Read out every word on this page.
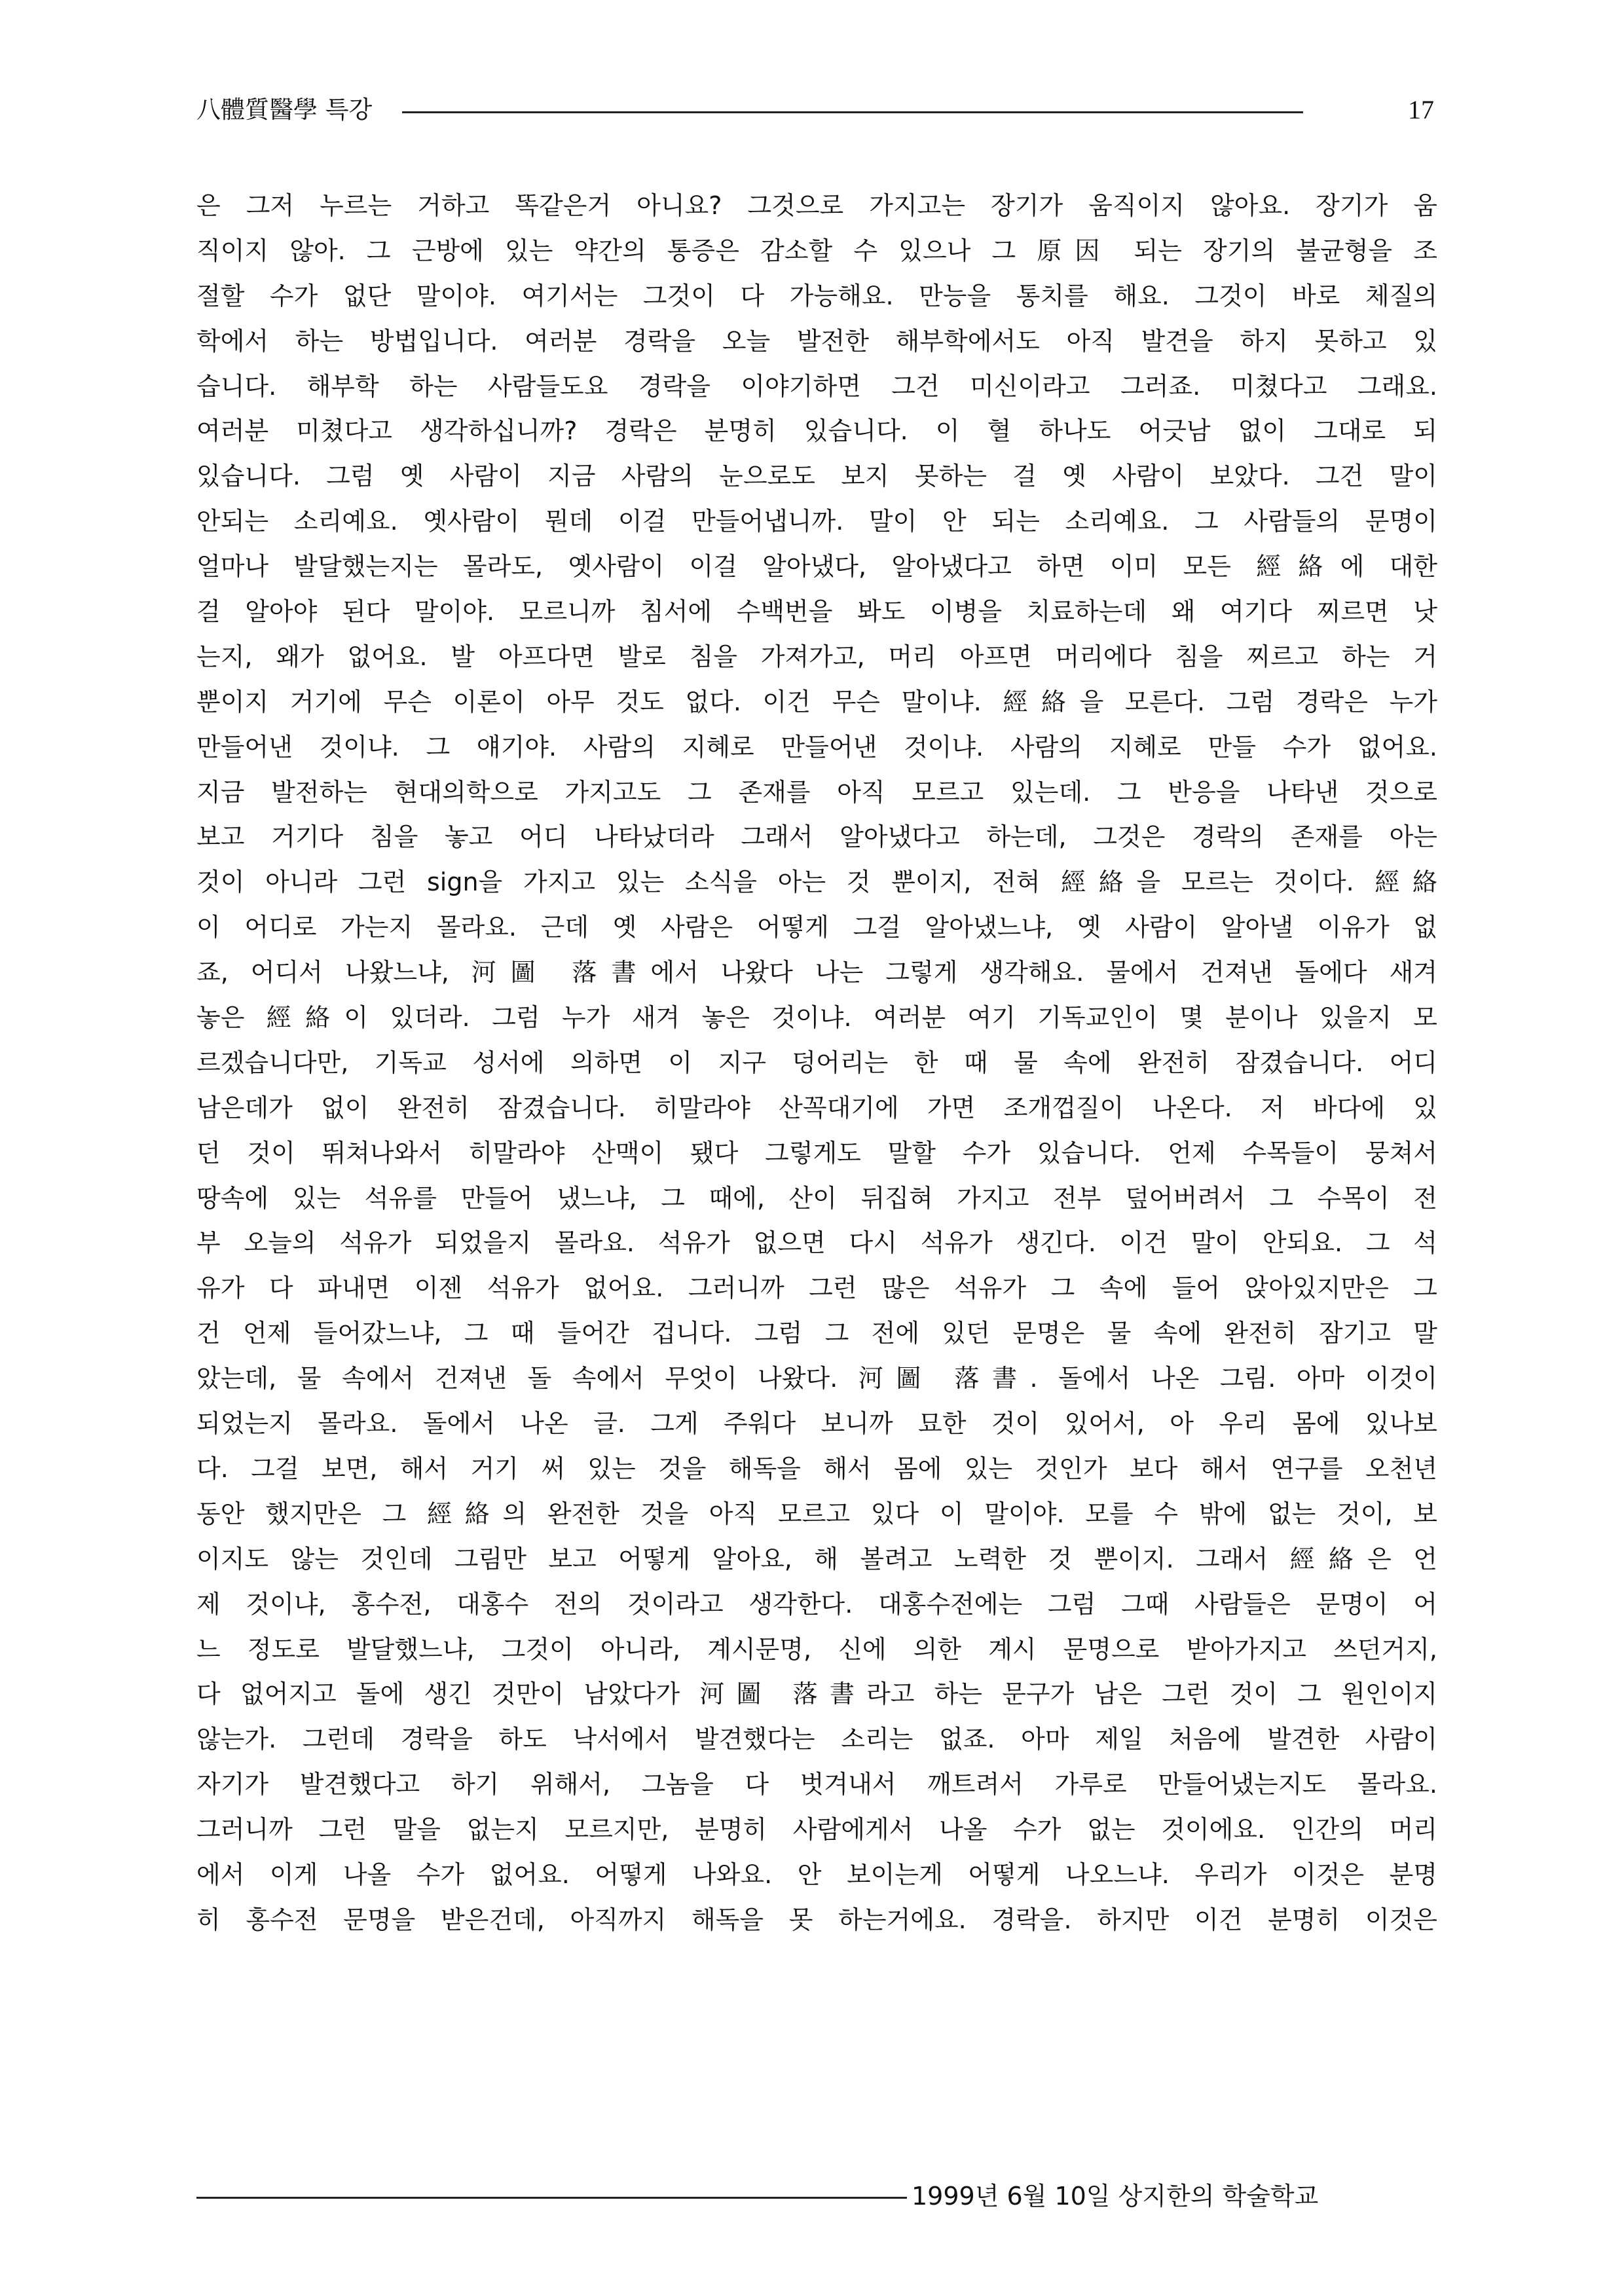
八體質醫學 특강	17
은 그저 누르는 거하고 똑같은거 아니요? 그것으로 가지고는 장기가 움직이지 않아요. 장기가 움
직이지 않아. 그 근방에 있는 약간의 통증은 감소할 수 있으나 그 原因 되는 장기의 불균형을 조
절할 수가 없단 말이야. 여기서는 그것이 다 가능해요. 만능을 통치를 해요. 그것이 바로 체질의
학에서 하는 방법입니다. 여러분 경락을 오늘 발전한 해부학에서도 아직 발견을 하지 못하고 있
습니다. 해부학 하는 사람들도요 경락을 이야기하면 그건 미신이라고 그러죠. 미쳤다고 그래요.
여러분 미쳤다고 생각하십니까? 경락은 분명히 있습니다. 이 혈 하나도 어긋남 없이 그대로 되
있습니다. 그럼 옛 사람이 지금 사람의 눈으로도 보지 못하는 걸 옛 사람이 보았다. 그건 말이
안되는 소리예요. 옛사람이 뭔데 이걸 만들어냅니까. 말이 안 되는 소리예요. 그 사람들의 문명이
얼마나 발달했는지는 몰라도, 옛사람이 이걸 알아냈다, 알아냈다고 하면 이미 모든 經絡에 대한
걸 알아야 된다 말이야. 모르니까 침서에 수백번을 봐도 이병을 치료하는데 왜 여기다 찌르면 낫
는지, 왜가 없어요. 발 아프다면 발로 침을 가져가고, 머리 아프면 머리에다 침을 찌르고 하는 거
뿐이지 거기에 무슨 이론이 아무 것도 없다. 이건 무슨 말이냐. 經絡을 모른다. 그럼 경락은 누가
만들어낸 것이냐. 그 얘기야. 사람의 지혜로 만들어낸 것이냐. 사람의 지혜로 만들 수가 없어요.
지금 발전하는 현대의학으로 가지고도 그 존재를 아직 모르고 있는데. 그 반응을 나타낸 것으로
보고 거기다 침을 놓고 어디 나타났더라 그래서 알아냈다고 하는데, 그것은 경락의 존재를 아는
것이 아니라 그런 sign을 가지고 있는 소식을 아는 것 뿐이지, 전혀 經絡을 모르는 것이다. 經絡
이 어디로 가는지 몰라요. 근데 옛 사람은 어떻게 그걸 알아냈느냐, 옛 사람이 알아낼 이유가 없
죠, 어디서 나왔느냐, 河圖 落書에서 나왔다 나는 그렇게 생각해요. 물에서 건져낸 돌에다 새겨
놓은 經絡이 있더라. 그럼 누가 새겨 놓은 것이냐. 여러분 여기 기독교인이 몇 분이나 있을지 모
르겠습니다만, 기독교 성서에 의하면 이 지구 덩어리는 한 때 물 속에 완전히 잠겼습니다. 어디
남은데가 없이 완전히 잠겼습니다. 히말라야 산꼭대기에 가면 조개껍질이 나온다. 저 바다에 있
던 것이 뛰쳐나와서 히말라야 산맥이 됐다 그렇게도 말할 수가 있습니다. 언제 수목들이 뭉쳐서
땅속에 있는 석유를 만들어 냈느냐, 그 때에, 산이 뒤집혀 가지고 전부 덮어버려서 그 수목이 전
부 오늘의 석유가 되었을지 몰라요. 석유가 없으면 다시 석유가 생긴다. 이건 말이 안되요. 그 석
유가 다 파내면 이젠 석유가 없어요. 그러니까 그런 많은 석유가 그 속에 들어 앉아있지만은 그
건 언제 들어갔느냐, 그 때 들어간 겁니다. 그럼 그 전에 있던 문명은 물 속에 완전히 잠기고 말
았는데, 물 속에서 건져낸 돌 속에서 무엇이 나왔다. 河圖 落書. 돌에서 나온 그림. 아마 이것이
되었는지 몰라요. 돌에서 나온 글. 그게 주워다 보니까 묘한 것이 있어서, 아 우리 몸에 있나보
다. 그걸 보면, 해서 거기 써 있는 것을 해독을 해서 몸에 있는 것인가 보다 해서 연구를 오천년
동안 했지만은 그 經絡의 완전한 것을 아직 모르고 있다 이 말이야. 모를 수 밖에 없는 것이, 보
이지도 않는 것인데 그림만 보고 어떻게 알아요, 해 볼려고 노력한 것 뿐이지. 그래서 經絡은 언
제 것이냐, 홍수전, 대홍수 전의 것이라고 생각한다. 대홍수전에는 그럼 그때 사람들은 문명이 어
느 정도로 발달했느냐, 그것이 아니라, 계시문명, 신에 의한 계시 문명으로 받아가지고 쓰던거지,
다 없어지고 돌에 생긴 것만이 남았다가 河圖 落書라고 하는 문구가 남은 그런 것이 그 원인이지
않는가. 그런데 경락을 하도 낙서에서 발견했다는 소리는 없죠. 아마 제일 처음에 발견한 사람이
자기가 발견했다고 하기 위해서, 그놈을 다 벗겨내서 깨트려서 가루로 만들어냈는지도 몰라요.
그러니까 그런 말을 없는지 모르지만, 분명히 사람에게서 나올 수가 없는 것이에요. 인간의 머리
에서 이게 나올 수가 없어요. 어떻게 나와요. 안 보이는게 어떻게 나오느냐. 우리가 이것은 분명
히 홍수전 문명을 받은건데, 아직까지 해독을 못 하는거에요. 경락을. 하지만 이건 분명히 이것은
1999년 6월 10일 상지한의 학술학교
